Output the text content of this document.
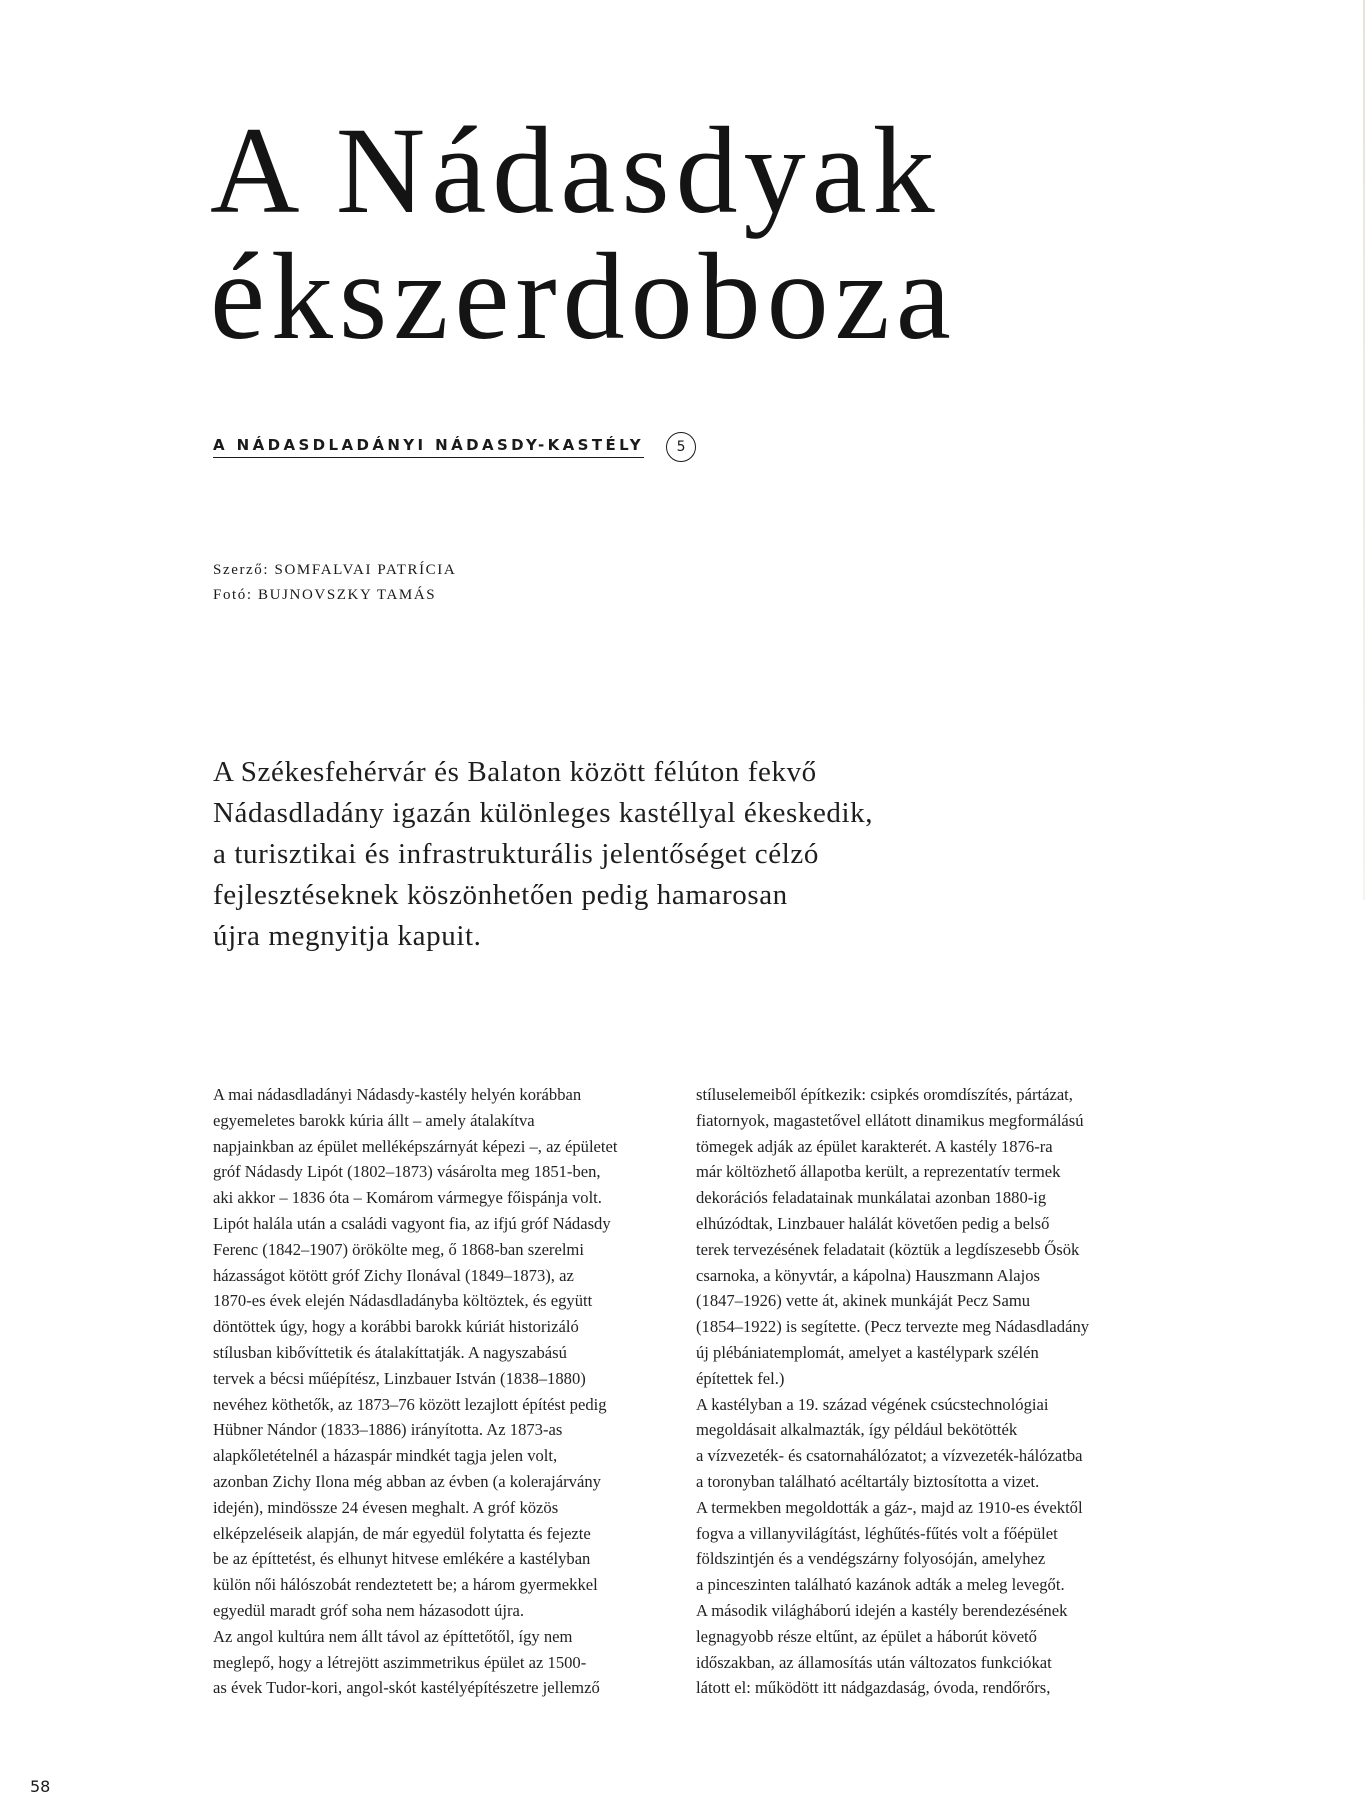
A Nádasdyak
ékszerdoboza
A NÁDASDLADÁNYI NÁDASDY-KASTÉLY	5
Szerző: SOMFALVAI PATRÍCIA
Fotó: BUJNOVSZKY TAMÁS

A Székesfehérvár és Balaton között félúton fekvő
Nádasdladány igazán különleges kastéllyal ékeskedik,
a turisztikai és infrastrukturális jelentőséget célzó
fejlesztéseknek köszönhetően pedig hamarosan
újra megnyitja kapuit.

A mai nádasdladányi Nádasdy-kastély helyén korábban
egyemeletes barokk kúria állt – amely átalakítva
napjainkban az épület melléképszárnyát képezi –, az épületet
gróf Nádasdy Lipót (1802–1873) vásárolta meg 1851-ben,
aki akkor – 1836 óta – Komárom vármegye főispánja volt.
Lipót halála után a családi vagyont fia, az ifjú gróf Nádasdy
Ferenc (1842–1907) örökölte meg, ő 1868-ban szerelmi
házasságot kötött gróf Zichy Ilonával (1849–1873), az
1870-es évek elején Nádasdladányba költöztek, és együtt
döntöttek úgy, hogy a korábbi barokk kúriát historizáló
stílusban kibővíttetik és átalakíttatják. A nagyszabású
tervek a bécsi műépítész, Linzbauer István (1838–1880)
nevéhez köthetők, az 1873–76 között lezajlott építést pedig
Hübner Nándor (1833–1886) irányította. Az 1873-as
alapkőletételnél a házaspár mindkét tagja jelen volt,
azonban Zichy Ilona még abban az évben (a kolerajárvány
idején), mindössze 24 évesen meghalt. A gróf közös
elképzeléseik alapján, de már egyedül folytatta és fejezte
be az építtetést, és elhunyt hitvese emlékére a kastélyban
külön női hálószobát rendeztetett be; a három gyermekkel
egyedül maradt gróf soha nem házasodott újra.
Az angol kultúra nem állt távol az építtetőtől, így nem
meglepő, hogy a létrejött aszimmetrikus épület az 1500-
as évek Tudor-kori, angol-skót kastélyépítészetre jellemző
stíluselemeiből építkezik: csipkés oromdíszítés, pártázat,
fiatornyok, magastetővel ellátott dinamikus megformálású
tömegek adják az épület karakterét. A kastély 1876-ra
már költözhető állapotba került, a reprezentatív termek
dekorációs feladatainak munkálatai azonban 1880-ig
elhúzódtak, Linzbauer halálát követően pedig a belső
terek tervezésének feladatait (köztük a legdíszesebb Ősök
csarnoka, a könyvtár, a kápolna) Hauszmann Alajos
(1847–1926) vette át, akinek munkáját Pecz Samu
(1854–1922) is segítette. (Pecz tervezte meg Nádasdladány
új plébániatemplomát, amelyet a kastélypark szélén
építettek fel.)
A kastélyban a 19. század végének csúcstechnológiai
megoldásait alkalmazták, így például bekötötték
a vízvezeték- és csatornahálózatot; a vízvezeték-hálózatba
a toronyban található acéltartály biztosította a vizet.
A termekben megoldották a gáz-, majd az 1910-es évektől
fogva a villanyvilágítást, léghűtés-fűtés volt a főépület
földszintjén és a vendégszárny folyosóján, amelyhez
a pinceszinten található kazánok adták a meleg levegőt.
A második világháború idején a kastély berendezésének
legnagyobb része eltűnt, az épület a háborút követő
időszakban, az államosítás után változatos funkciókat
látott el: működött itt nádgazdaság, óvoda, rendőrőrs,
58
